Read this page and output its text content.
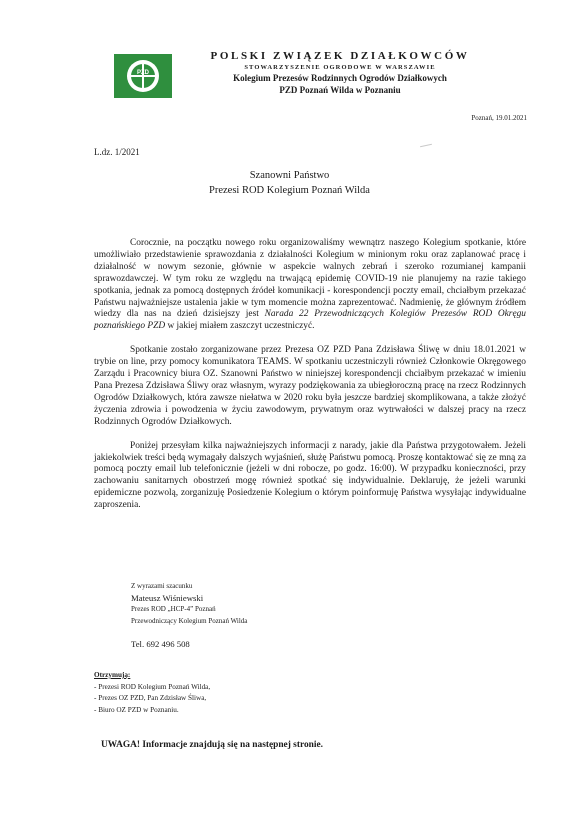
PZD
POLSKI ZWIĄZEK DZIAŁKOWCÓW
STOWARZYSZENIE OGRODOWE W WARSZAWIE
Kolegium Prezesów Rodzinnych Ogrodów Działkowych
PZD Poznań Wilda w Poznaniu
Poznań, 19.01.2021
L.dz. 1/2021
Szanowni Państwo
Prezesi ROD Kolegium Poznań Wilda

Corocznie, na początku nowego roku organizowaliśmy wewnątrz naszego Kolegium spotkanie, które umożliwiało przedstawienie sprawozdania z działalności Kolegium w minionym roku oraz zaplanować pracę i działalność w nowym sezonie, głównie w aspekcie walnych zebrań i szeroko rozumianej kampanii sprawozdawczej. W tym roku ze względu na trwającą epidemię COVID-19 nie planujemy na razie takiego spotkania, jednak za pomocą dostępnych źródeł komunikacji - korespondencji poczty email, chciałbym przekazać Państwu najważniejsze ustalenia jakie w tym momencie można zaprezentować. Nadmienię, że głównym źródłem wiedzy dla nas na dzień dzisiejszy jest Narada 22 Przewodniczących Kolegiów Prezesów ROD Okręgu poznańskiego PZD w jakiej miałem zaszczyt uczestniczyć.

Spotkanie zostało zorganizowane przez Prezesa OZ PZD Pana Zdzisława Śliwę w dniu 18.01.2021 w trybie on line, przy pomocy komunikatora TEAMS. W spotkaniu uczestniczyli również Członkowie Okręgowego Zarządu i Pracownicy biura OZ. Szanowni Państwo w niniejszej korespondencji chciałbym przekazać w imieniu Pana Prezesa Zdzisława Śliwy oraz własnym, wyrazy podziękowania za ubiegłoroczną pracę na rzecz Rodzinnych Ogrodów Działkowych, która zawsze niełatwa w 2020 roku była jeszcze bardziej skomplikowana, a także złożyć życzenia zdrowia i powodzenia w życiu zawodowym, prywatnym oraz wytrwałości w dalszej pracy na rzecz Rodzinnych Ogrodów Działkowych.

Poniżej przesyłam kilka najważniejszych informacji z narady, jakie dla Państwa przygotowałem. Jeżeli jakiekolwiek treści będą wymagały dalszych wyjaśnień, służę Państwu pomocą. Proszę kontaktować się ze mną za pomocą poczty email lub telefonicznie (jeżeli w dni robocze, po godz. 16:00). W przypadku konieczności, przy zachowaniu sanitarnych obostrzeń mogę również spotkać się indywidualnie. Deklaruję, że jeżeli warunki epidemiczne pozwolą, zorganizuję Posiedzenie Kolegium o którym poinformuję Państwa wysyłając indywidualne zaproszenia.

Z wyrazami szacunku
Mateusz Wiśniewski
Prezes ROD „HCP-4” Poznań
Przewodniczący Kolegium Poznań Wilda
Tel. 692 496 508
Otrzymują:
- Prezesi ROD Kolegium Poznań Wilda,
- Prezes OZ PZD, Pan Zdzisław Śliwa,
- Biuro OZ PZD w Poznaniu.
UWAGA! Informacje znajdują się na następnej stronie.
